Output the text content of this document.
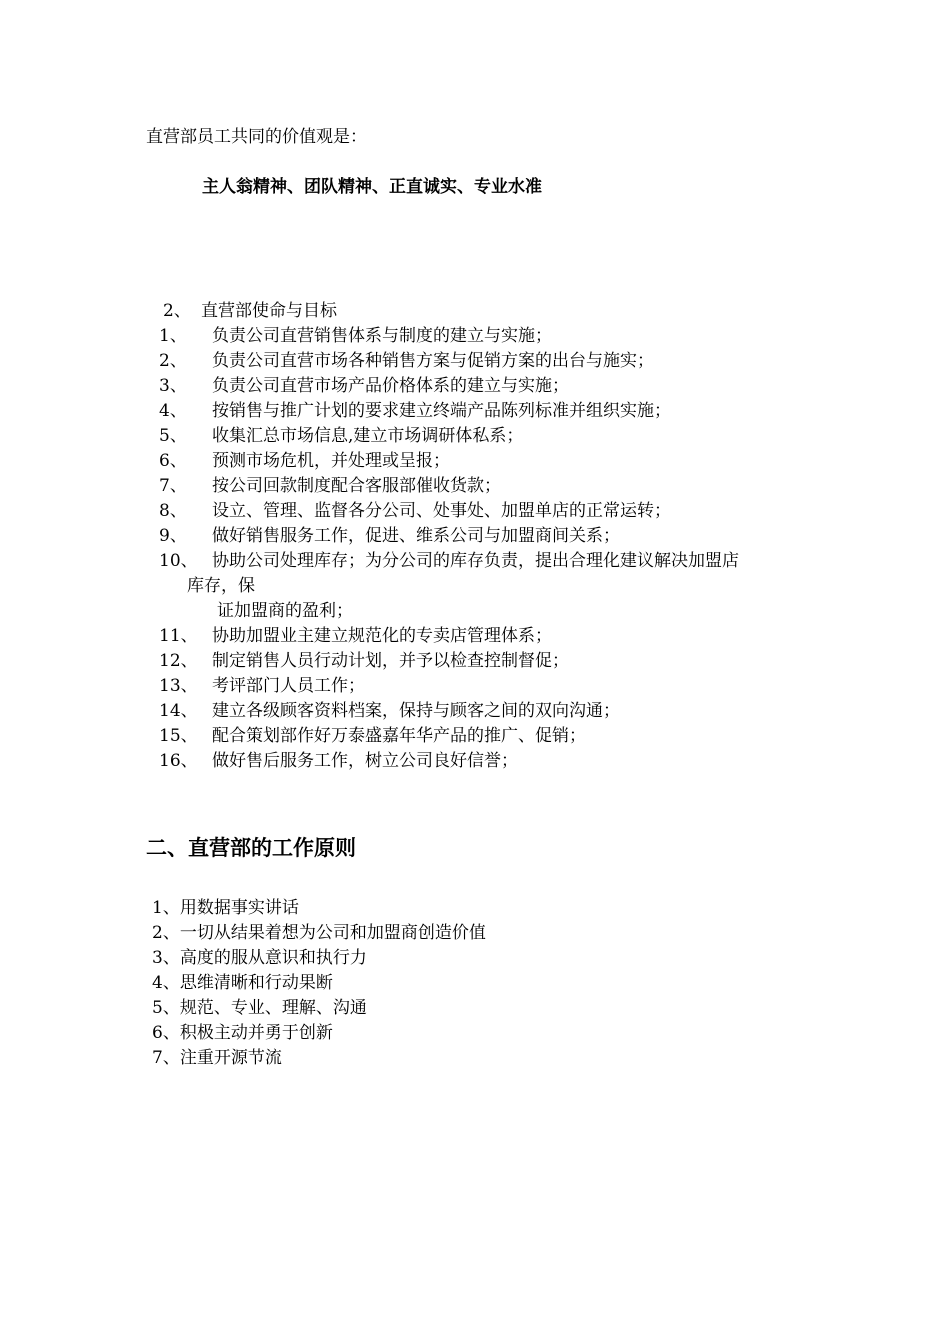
直营部员工共同的价值观是：
主人翁精神、团队精神、正直诚实、专业水准
2、 直营部使命与目标
1、 负责公司直营销售体系与制度的建立与实施；
2、 负责公司直营市场各种销售方案与促销方案的出台与施实；
3、 负责公司直营市场产品价格体系的建立与实施；
4、 按销售与推广计划的要求建立终端产品陈列标准并组织实施；
5、 收集汇总市场信息,建立市场调研体私系；
6、 预测市场危机，并处理或呈报；
7、 按公司回款制度配合客服部催收货款；
8、 设立、管理、监督各分公司、处事处、加盟单店的正常运转；
9、 做好销售服务工作，促进、维系公司与加盟商间关系；
10、 协助公司处理库存；为分公司的库存负责，提出合理化建议解决加盟店
库存，保
证加盟商的盈利；
11、 协助加盟业主建立规范化的专卖店管理体系；
12、 制定销售人员行动计划，并予以检查控制督促；
13、 考评部门人员工作；
14、 建立各级顾客资料档案，保持与顾客之间的双向沟通；
15、 配合策划部作好万泰盛嘉年华产品的推广、促销；
16、 做好售后服务工作，树立公司良好信誉；
二、直营部的工作原则
1、用数据事实讲话
2、一切从结果着想为公司和加盟商创造价值
3、高度的服从意识和执行力
4、思维清晰和行动果断
5、规范、专业、理解、沟通
6、积极主动并勇于创新
7、注重开源节流
